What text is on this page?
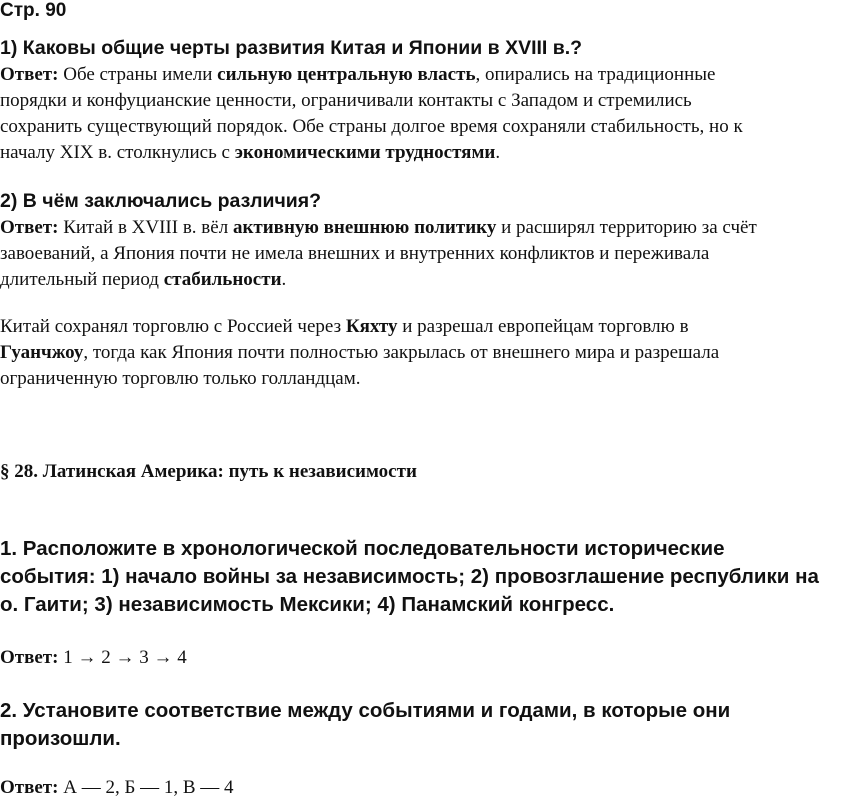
Стр. 90
1) Каковы общие черты развития Китая и Японии в XVIII в.?
Ответ: Обе страны имели сильную центральную власть, опирались на традиционные
порядки и конфуцианские ценности, ограничивали контакты с Западом и стремились
сохранить существующий порядок. Обе страны долгое время сохраняли стабильность, но к
началу XIX в. столкнулись с экономическими трудностями.
2) В чём заключались различия?
Ответ: Китай в XVIII в. вёл активную внешнюю политику и расширял территорию за счёт
завоеваний, а Япония почти не имела внешних и внутренних конфликтов и переживала
длительный период стабильности.
Китай сохранял торговлю с Россией через Кяхту и разрешал европейцам торговлю в
Гуанчжоу, тогда как Япония почти полностью закрылась от внешнего мира и разрешала
ограниченную торговлю только голландцам.
§ 28. Латинская Америка: путь к независимости
1. Расположите в хронологической последовательности исторические
события: 1) начало войны за независимость; 2) провозглашение республики на
о. Гаити; 3) независимость Мексики; 4) Панамский конгресс.
Ответ: 1 → 2 → 3 → 4
2. Установите соответствие между событиями и годами, в которые они
произошли.
Ответ: А — 2, Б — 1, В — 4
